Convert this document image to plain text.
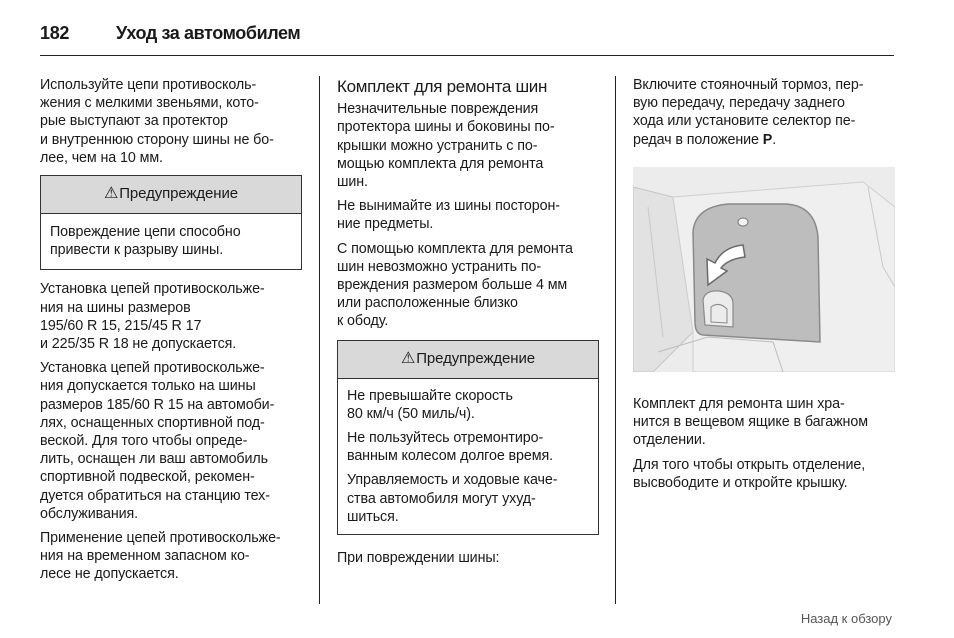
182	Уход за автомобилем

Используйте цепи противосколь-
жения с мелкими звеньями, кото-
рые выступают за протектор
и внутреннюю сторону шины не бо-
лее, чем на 10 мм.

⚠ Предупреждение

Повреждение цепи способно
привести к разрыву шины.

Установка цепей противоскольже-
ния на шины размеров
195/60 R 15, 215/45 R 17
и 225/35 R 18 не допускается.

Установка цепей противоскольже-
ния допускается только на шины
размеров 185/60 R 15 на автомоби-
лях, оснащенных спортивной под-
веской. Для того чтобы опреде-
лить, оснащен ли ваш автомобиль
спортивной подвеской, рекомен-
дуется обратиться на станцию тех-
обслуживания.

Применение цепей противоскольже-
ния на временном запасном ко-
лесе не допускается.

Комплект для ремонта шин

Незначительные повреждения
протектора шины и боковины по-
крышки можно устранить с по-
мощью комплекта для ремонта
шин.

Не вынимайте из шины посторон-
ние предметы.

С помощью комплекта для ремонта
шин невозможно устранить по-
вреждения размером больше 4 мм
или расположенные близко
к ободу.

⚠ Предупреждение

Не превышайте скорость
80 км/ч (50 миль/ч).

Не пользуйтесь отремонтиро-
ванным колесом долгое время.

Управляемость и ходовые каче-
ства автомобиля могут ухуд-
шиться.

При повреждении шины:

Включите стояночный тормоз, пер-
вую передачу, передачу заднего
хода или установите селектор пе-
редач в положение P.

Комплект для ремонта шин хра-
нится в вещевом ящике в багажном
отделении.

Для того чтобы открыть отделение,
высвободите и откройте крышку.

Назад к обзору
